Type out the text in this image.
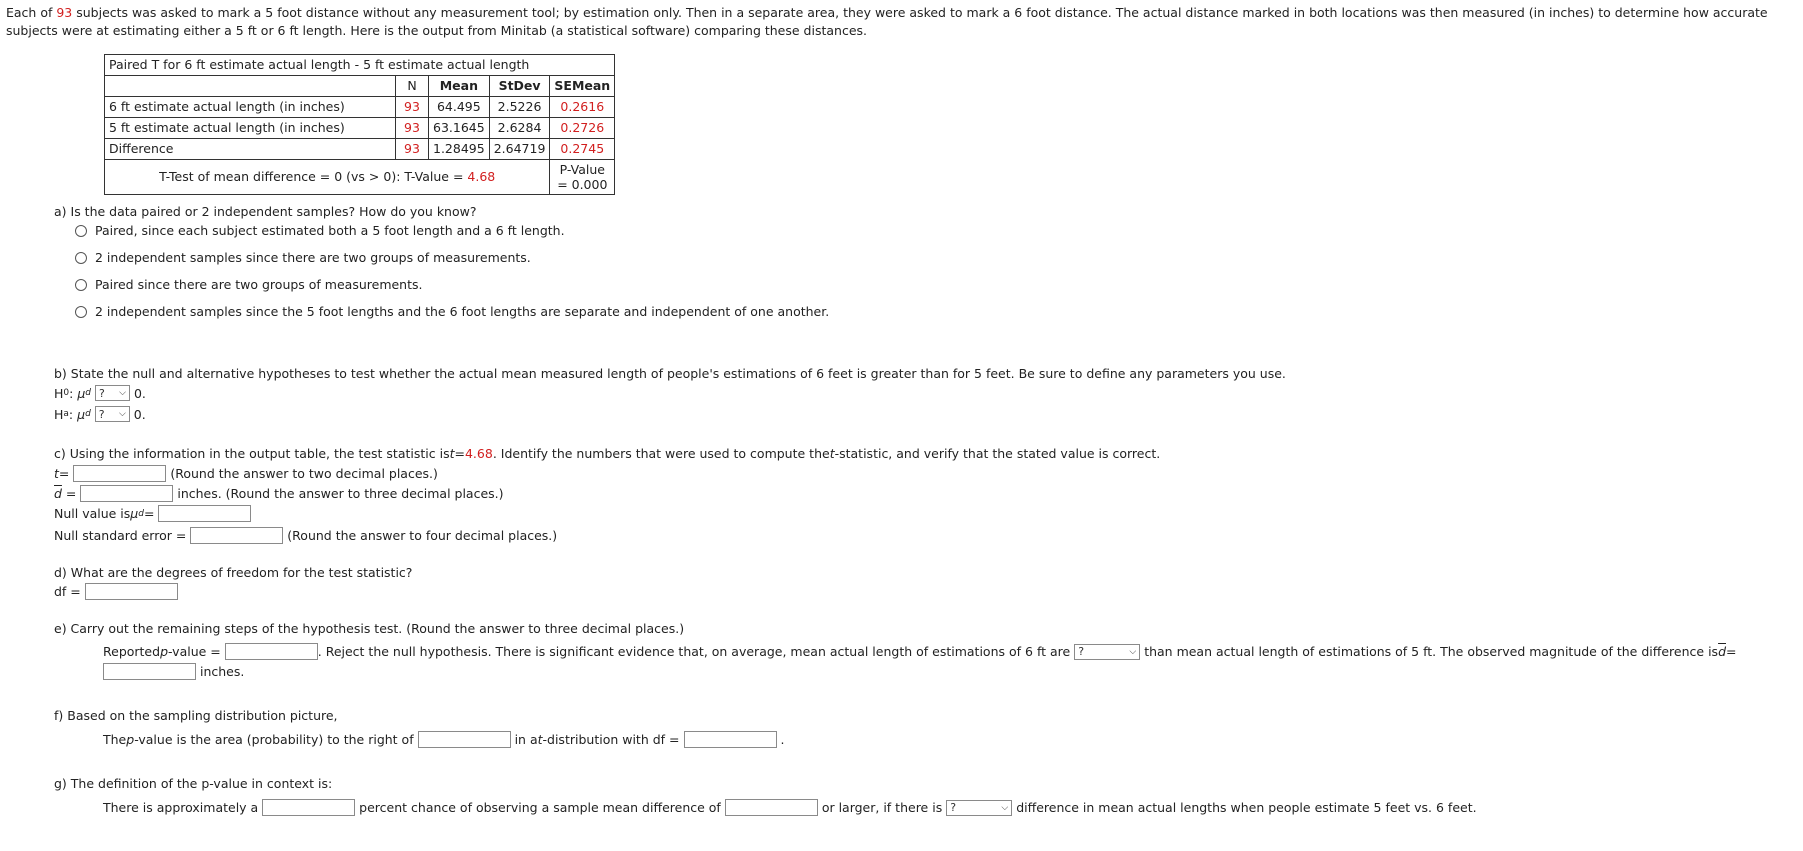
Each of 93 subjects was asked to mark a 5 foot distance without any measurement tool; by estimation only. Then in a separate area, they were asked to mark a 6 foot distance. The actual distance marked in both locations was then measured (in inches) to determine how accurate subjects were at estimating either a 5 ft or 6 ft length. Here is the output from Minitab (a statistical software) comparing these distances.
Paired T for 6 ft estimate actual length - 5 ft estimate actual length				
	N	Mean	StDev	SEMean
6 ft estimate actual length (in inches)	93	64.495	2.5226	0.2616
5 ft estimate actual length (in inches)	93	63.1645	2.6284	0.2726
Difference	93	1.28495	2.64719	0.2745
T-Test of mean difference = 0 (vs > 0): T-Value = 4.68				P-Value
= 0.000
a) Is the data paired or 2 independent samples? How do you know?
Paired, since each subject estimated both a 5 foot length and a 6 ft length.
2 independent samples since there are two groups of measurements.
Paired since there are two groups of measurements.
2 independent samples since the 5 foot lengths and the 6 foot lengths are separate and independent of one another.
b) State the null and alternative hypotheses to test whether the actual mean measured length of people's estimations of 6 feet is greater than for 5 feet. Be sure to define any parameters you use.
H 0 : μ d
? ⌵
0.
H a : μ d
? ⌵
0.
c) Using the information in the output table, the test statistic is t = 4.68 . Identify the numbers that were used to compute the t -statistic, and verify that the stated value is correct.
t =

	(Round the answer to two decimal places.)
$\overline{d}$ =
	inches. (Round the answer to three decimal places.)
Null value is μ d =

Null standard error =

	(Round the answer to four decimal places.)
d) What are the degrees of freedom for the test statistic?
df =

e) Carry out the remaining steps of the hypothesis test. (Round the answer to three decimal places.)
Reported p -value =
	. Reject the null hypothesis. There is significant evidence that, on average, mean actual length of estimations of 6 ft are
?	⌵
than mean actual length of estimations of 5 ft. The observed magnitude of the difference is $\overline{d}$ =

inches.
f) Based on the sampling distribution picture,
The p -value is the area (probability) to the right of

	in a t -distribution with df =

	.
g) The definition of the p-value in context is:
There is approximately a

	percent chance of observing a sample mean difference of

	or larger, if there is
?	⌵
difference in mean actual lengths when people estimate 5 feet vs. 6 feet.
